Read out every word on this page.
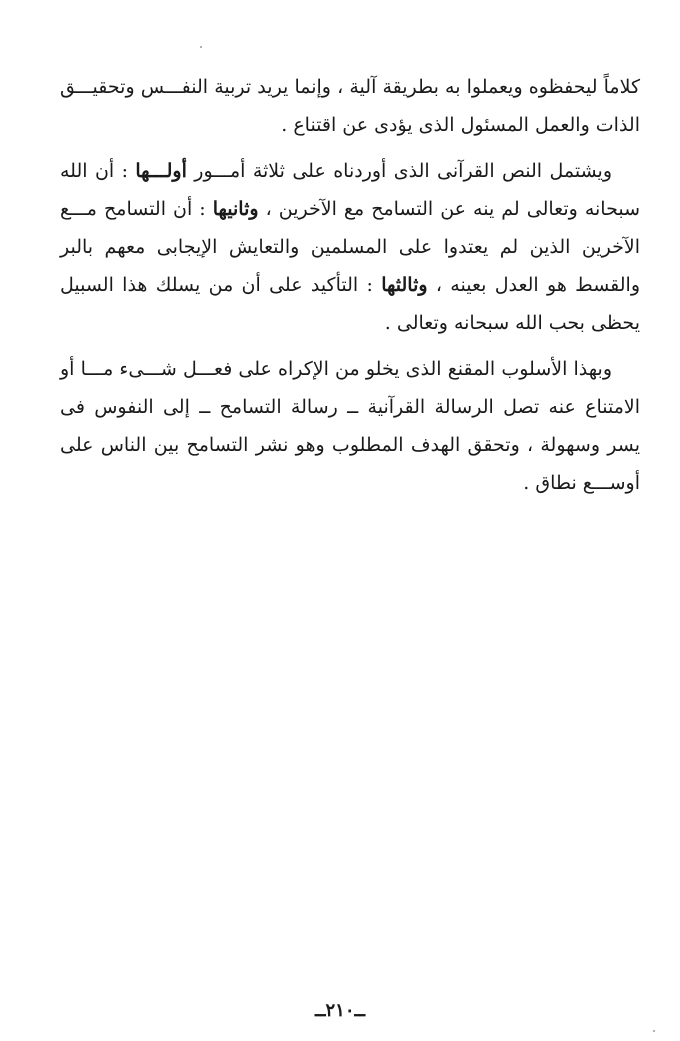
كلاماً ليحفظوه ويعملوا به بطريقة آلية ، وإنما يريد تربية النفـــس وتحقيـــق الذات والعمل المسئول الذى يؤدى عن اقتناع .

ويشتمل النص القرآنى الذى أوردناه على ثلاثة أمـــور أولـــها : أن الله سبحانه وتعالى لم ينه عن التسامح مع الآخرين ، وثانيها : أن التسامح مـــع الآخرين الذين لم يعتدوا على المسلمين والتعايش الإيجابى معهم بالبر والقسط هو العدل بعينه ، وثالثها : التأكيد على أن من يسلك هذا السبيل يحظى بحب الله سبحانه وتعالى .

وبهذا الأسلوب المقنع الذى يخلو من الإكراه على فعـــل شـــىء مـــا أو الامتناع عنه تصل الرسالة القرآنية ــ رسالة التسامح ــ إلى النفوس فى يسر وسهولة ، وتحقق الهدف المطلوب وهو نشر التسامح بين الناس على أوســـع نطاق .

ــ٢١٠ــ
